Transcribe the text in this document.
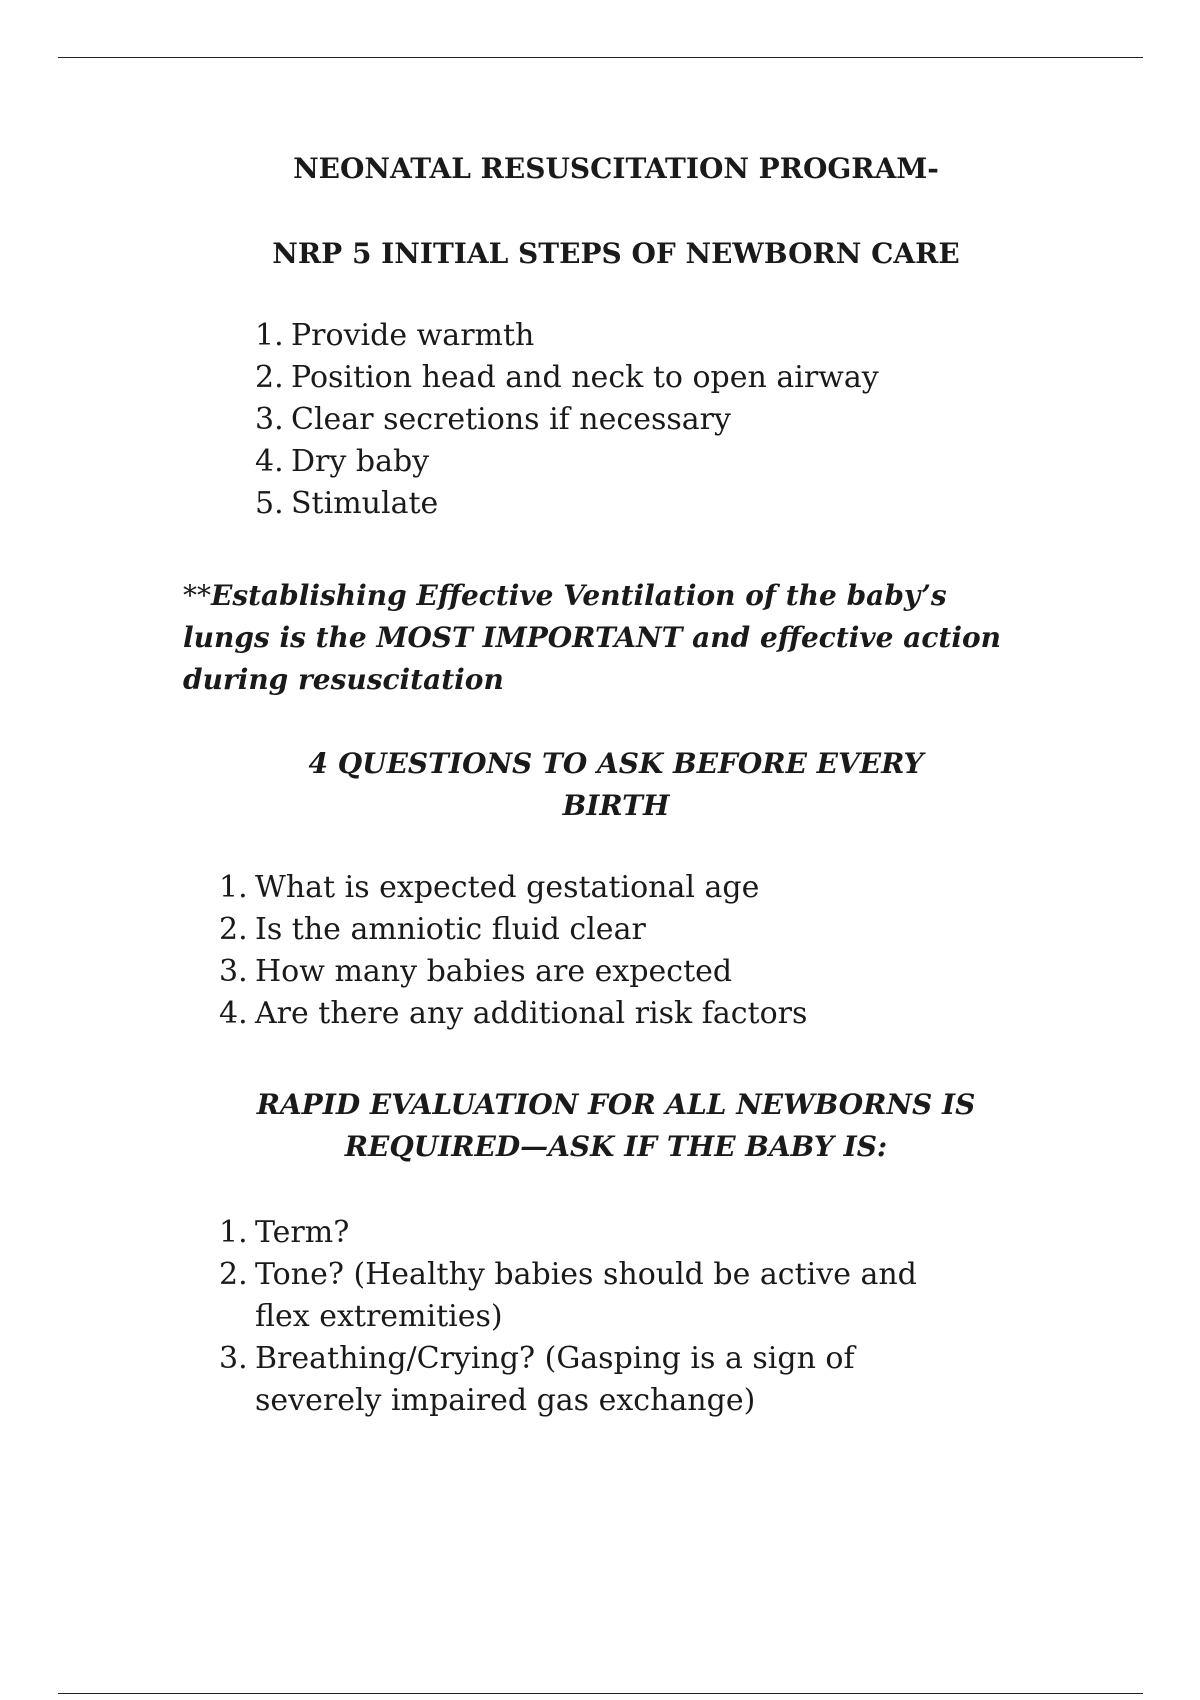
NEONATAL RESUSCITATION PROGRAM-
NRP 5 INITIAL STEPS OF NEWBORN CARE
1. Provide warmth
2. Position head and neck to open airway
3. Clear secretions if necessary
4. Dry baby
5. Stimulate

**Establishing Effective Ventilation of the baby’s lungs is the MOST IMPORTANT and effective action during resuscitation

4 QUESTIONS TO ASK BEFORE EVERY
BIRTH
1. What is expected gestational age
2. Is the amniotic fluid clear
3. How many babies are expected
4. Are there any additional risk factors
RAPID EVALUATION FOR ALL NEWBORNS IS
REQUIRED—ASK IF THE BABY IS:
1. Term?
2. Tone? (Healthy babies should be active and flex extremities)
3. Breathing/Crying? (Gasping is a sign of severely impaired gas exchange)
